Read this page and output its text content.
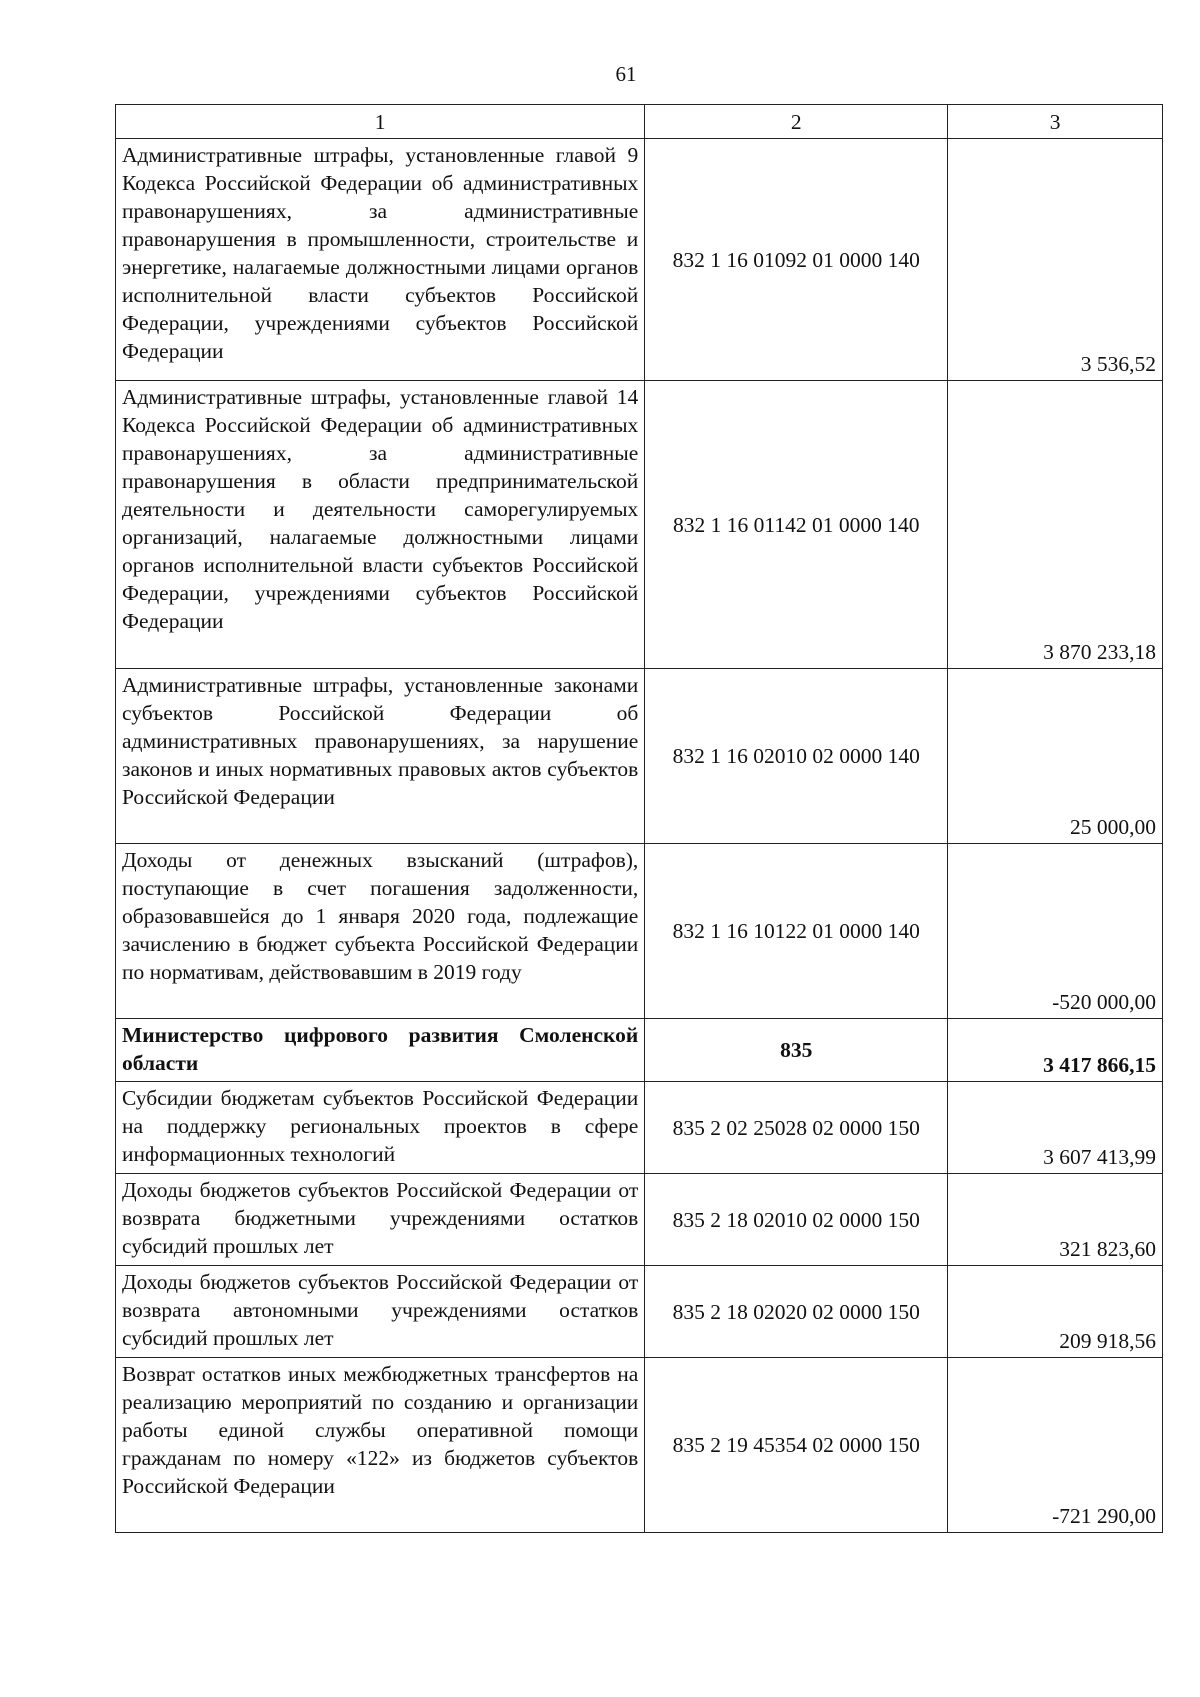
61
1	2	3
Административные штрафы, установленные главой 9 Кодекса Российской Федерации об административных правонарушениях, за административные правонарушения в промышленности, строительстве и энергетике, налагаемые должностными лицами органов исполнительной власти субъектов Российской Федерации, учреждениями субъектов Российской Федерации	832 1 16 01092 01 0000 140	3 536,52
Административные штрафы, установленные главой 14 Кодекса Российской Федерации об административных правонарушениях, за административные правонарушения в области предпринимательской деятельности и деятельности саморегулируемых организаций, налагаемые должностными лицами органов исполнительной власти субъектов Российской Федерации, учреждениями субъектов Российской Федерации	832 1 16 01142 01 0000 140	3 870 233,18
Административные штрафы, установленные законами субъектов Российской Федерации об административных правонарушениях, за нарушение законов и иных нормативных правовых актов субъектов Российской Федерации	832 1 16 02010 02 0000 140	25 000,00
Доходы от денежных взысканий (штрафов), поступающие в счет погашения задолженности, образовавшейся до 1 января 2020 года, подлежащие зачислению в бюджет субъекта Российской Федерации по нормативам, действовавшим в 2019 году	832 1 16 10122 01 0000 140	-520 000,00
Министерство цифрового развития Смоленской области	835	3 417 866,15
Субсидии бюджетам субъектов Российской Федерации на поддержку региональных проектов в сфере информационных технологий	835 2 02 25028 02 0000 150	3 607 413,99
Доходы бюджетов субъектов Российской Федерации от возврата бюджетными учреждениями остатков субсидий прошлых лет	835 2 18 02010 02 0000 150	321 823,60
Доходы бюджетов субъектов Российской Федерации от возврата автономными учреждениями остатков субсидий прошлых лет	835 2 18 02020 02 0000 150	209 918,56
Возврат остатков иных межбюджетных трансфертов на реализацию мероприятий по созданию и организации работы единой службы оперативной помощи гражданам по номеру «122» из бюджетов субъектов Российской Федерации	835 2 19 45354 02 0000 150	-721 290,00
